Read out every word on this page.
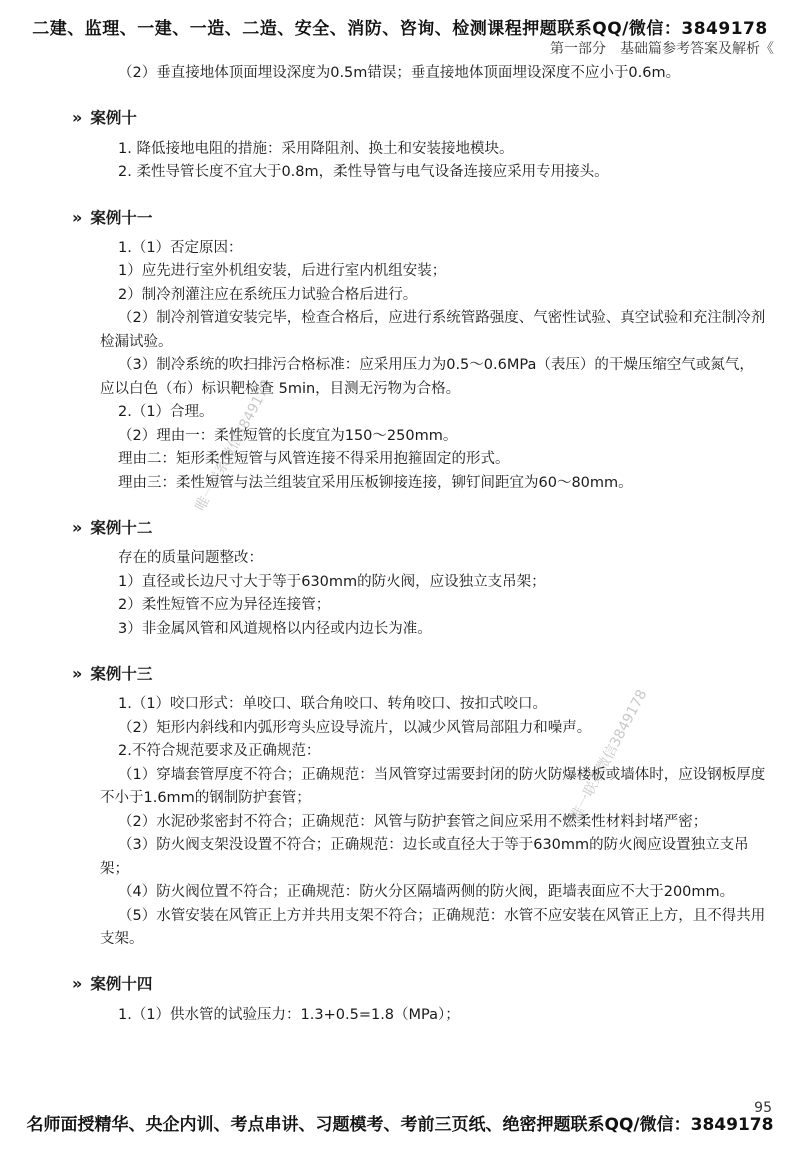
二建、监理、一建、一造、二造、安全、消防、咨询、检测课程押题联系QQ/微信：3849178
第一部分　基础篇参考答案及解析《
唯一联系微信3849178
唯一联系微信3849178

（2）垂直接地体顶面埋设深度为0.5m错误；垂直接地体顶面埋设深度不应小于0.6m。

» 案例十

1. 降低接地电阻的措施：采用降阻剂、换土和安装接地模块。

2. 柔性导管长度不宜大于0.8m，柔性导管与电气设备连接应采用专用接头。

» 案例十一

1.（1）否定原因：

1）应先进行室外机组安装，后进行室内机组安装；

2）制冷剂灌注应在系统压力试验合格后进行。

（2）制冷剂管道安装完毕，检查合格后，应进行系统管路强度、气密性试验、真空试验和充注制冷剂检漏试验。

（3）制冷系统的吹扫排污合格标准：应采用压力为0.5～0.6MPa（表压）的干燥压缩空气或氮气，应以白色（布）标识靶检查 5min，目测无污物为合格。

2.（1）合理。

（2）理由一：柔性短管的长度宜为150～250mm。

理由二：矩形柔性短管与风管连接不得采用抱箍固定的形式。

理由三：柔性短管与法兰组装宜采用压板铆接连接，铆钉间距宜为60～80mm。

» 案例十二

存在的质量问题整改：

1）直径或长边尺寸大于等于630mm的防火阀，应设独立支吊架；

2）柔性短管不应为异径连接管；

3）非金属风管和风道规格以内径或内边长为准。

» 案例十三

1.（1）咬口形式：单咬口、联合角咬口、转角咬口、按扣式咬口。

（2）矩形内斜线和内弧形弯头应设导流片，以减少风管局部阻力和噪声。

2.不符合规范要求及正确规范：

（1）穿墙套管厚度不符合；正确规范：当风管穿过需要封闭的防火防爆楼板或墙体时，应设钢板厚度不小于1.6mm的钢制防护套管；

（2）水泥砂浆密封不符合；正确规范：风管与防护套管之间应采用不燃柔性材料封堵严密；

（3）防火阀支架没设置不符合；正确规范：边长或直径大于等于630mm的防火阀应设置独立支吊架；

（4）防火阀位置不符合；正确规范：防火分区隔墙两侧的防火阀，距墙表面应不大于200mm。

（5）水管安装在风管正上方并共用支架不符合；正确规范：水管不应安装在风管正上方，且不得共用支架。

» 案例十四

1.（1）供水管的试验压力：1.3+0.5=1.8（MPa）；

95
名师面授精华、央企内训、考点串讲、习题模考、考前三页纸、绝密押题联系QQ/微信：3849178
